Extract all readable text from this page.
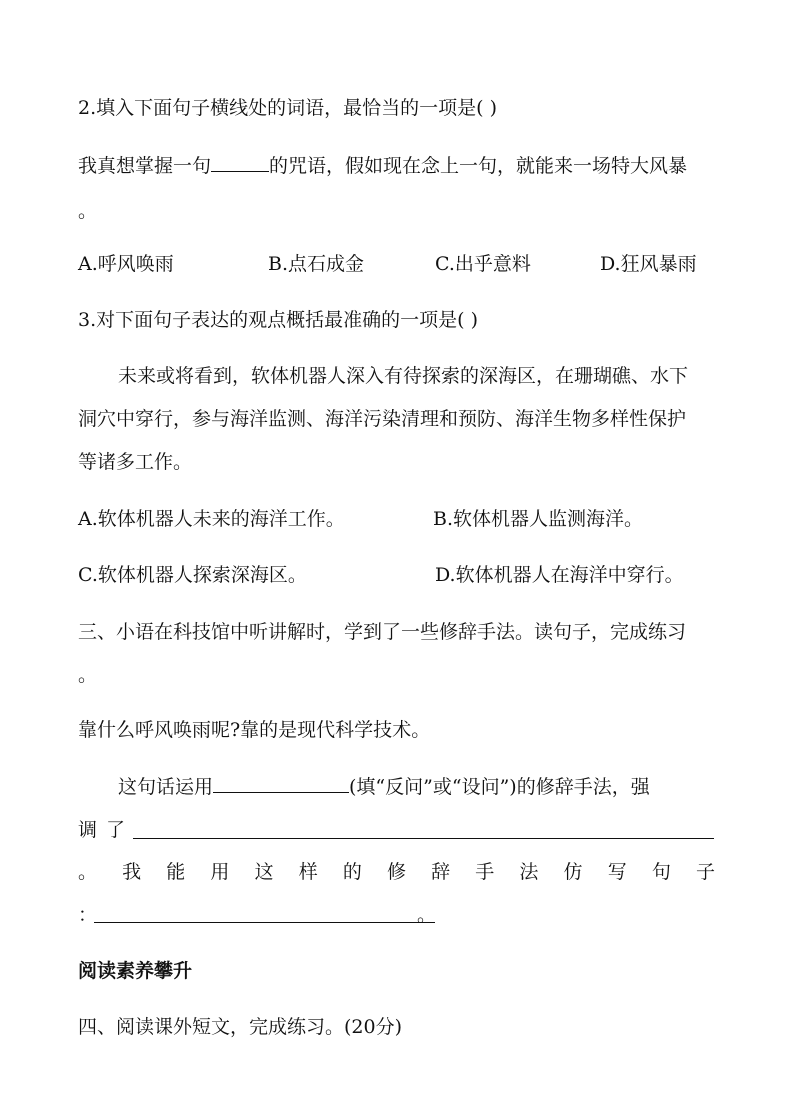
2.填入下面句子横线处的词语，最恰当的一项是( )
我真想掌握一句	的咒语，假如现在念上一句，就能来一场特大风暴
。
A.呼风唤雨	B.点石成金	C.出乎意料	D.狂风暴雨
3.对下面句子表达的观点概括最准确的一项是( )
未来或将看到，软体机器人深入有待探索的深海区，在珊瑚礁、水下
洞穴中穿行，参与海洋监测、海洋污染清理和预防、海洋生物多样性保护
等诸多工作。
A.软体机器人未来的海洋工作。	B.软体机器人监测海洋。
C.软体机器人探索深海区。	D.软体机器人在海洋中穿行。
三、小语在科技馆中听讲解时，学到了一些修辞手法。读句子，完成练习
。
靠什么呼风唤雨呢?靠的是现代科学技术。
这句话运用	(填“反问”或“设问”)的修辞手法，强
调 了
。 我 能 用 这 样 的 修 辞 手 法 仿 写 句 子
：	。
阅读素养攀升
四、阅读课外短文，完成练习。(20分)
